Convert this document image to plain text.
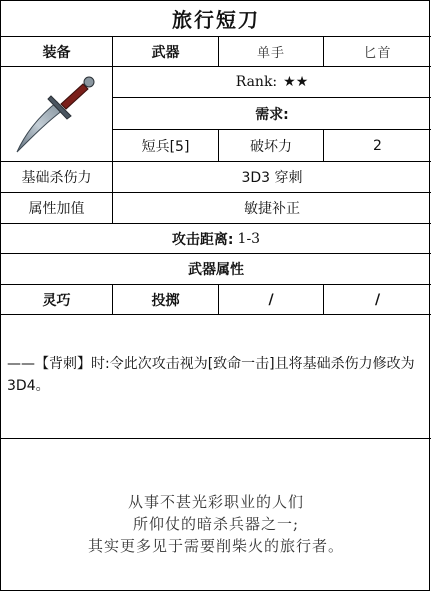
旅行短刀
装备	武器	单手	匕首
Rank: ★★
需求:
短兵[5]	破坏力	2
基础杀伤力	3D3 穿刺
属性加值	敏捷补正
攻击距离: 1-3
武器属性
灵巧	投掷	/	/
——【背刺】时:令此次攻击视为[致命一击]且将基础杀伤力修改为3D4。
从事不甚光彩职业的人们
所仰仗的暗杀兵器之一;
其实更多见于需要削柴火的旅行者。
